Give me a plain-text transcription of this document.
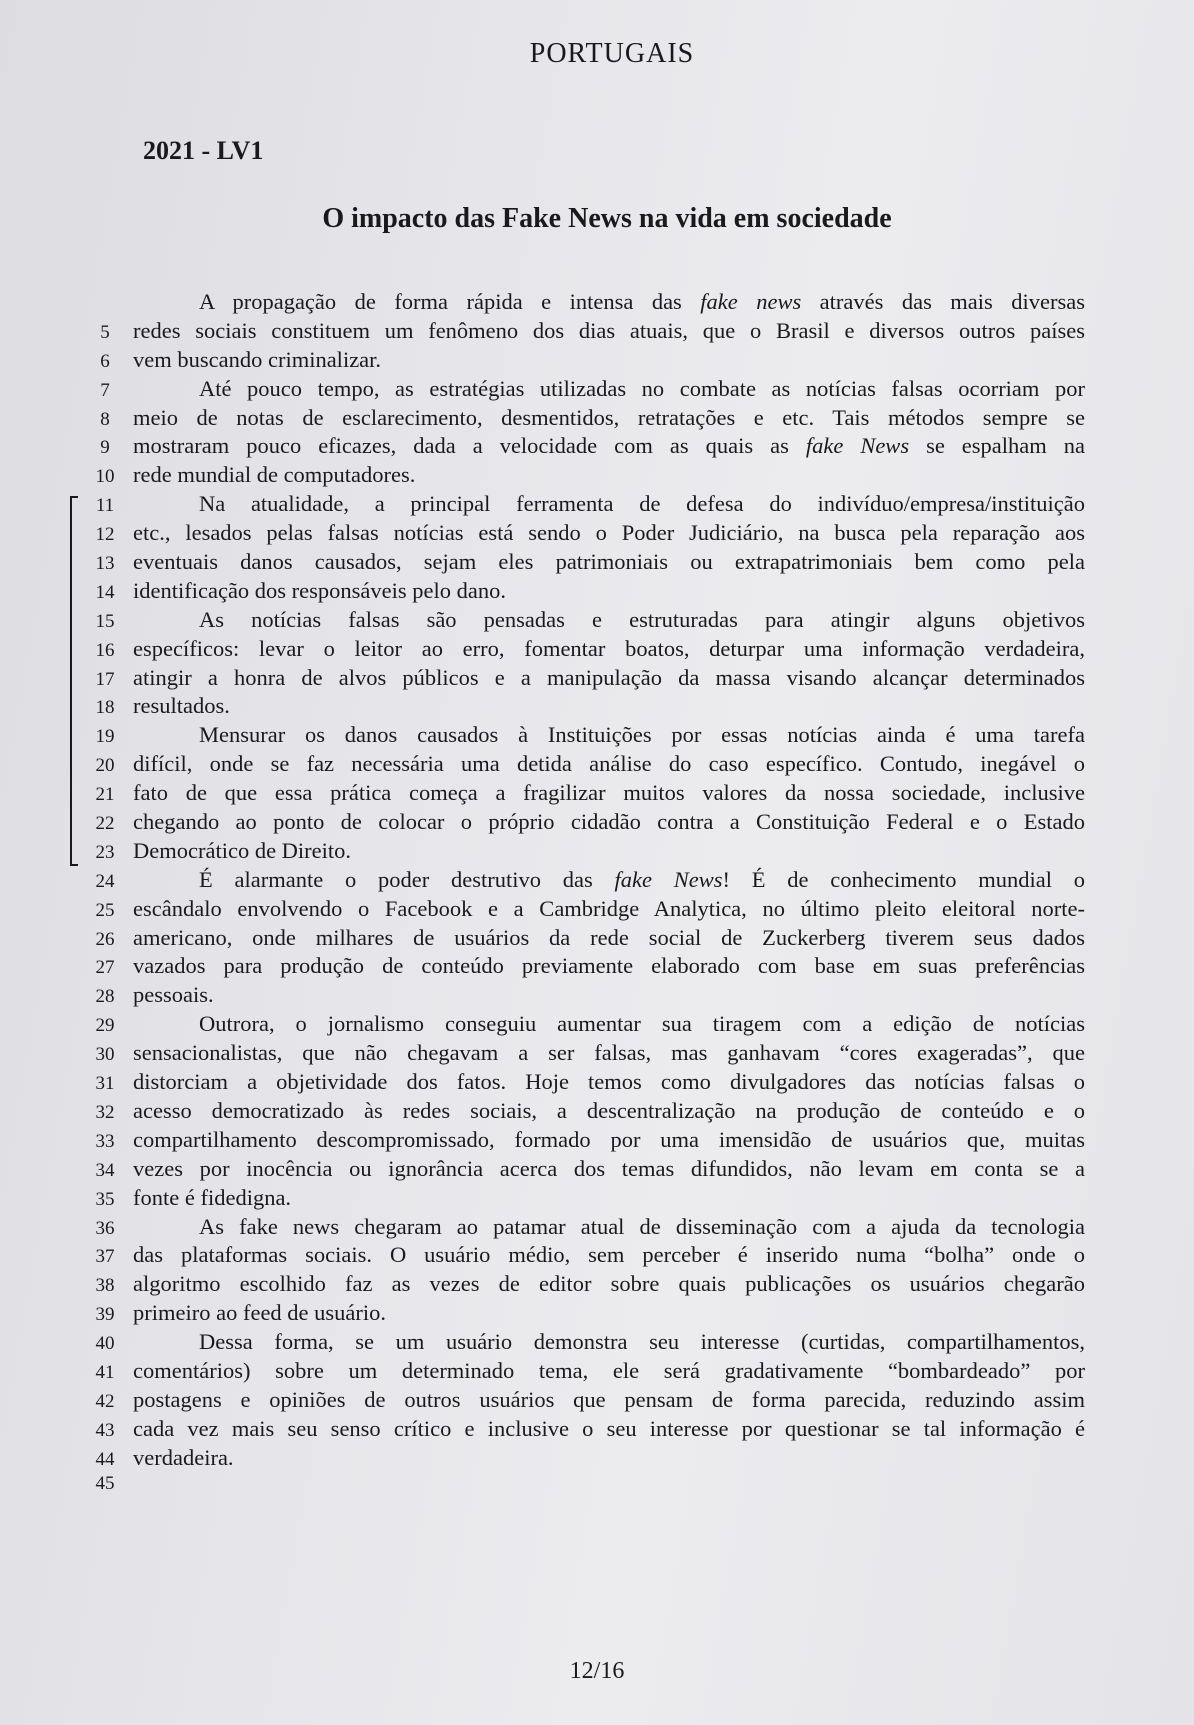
PORTUGAIS
2021 - LV1
O impacto das Fake News na vida em sociedade
A propagação de forma rápida e intensa das fake news através das mais diversas
5	redes sociais constituem um fenômeno dos dias atuais, que o Brasil e diversos outros países
6	vem buscando criminalizar.
7	Até pouco tempo, as estratégias utilizadas no combate as notícias falsas ocorriam por
8	meio de notas de esclarecimento, desmentidos, retratações e etc. Tais métodos sempre se
9	mostraram pouco eficazes, dada a velocidade com as quais as fake News se espalham na
10 rede mundial de computadores.
11	Na atualidade, a principal ferramenta de defesa do indivíduo/empresa/instituição
12 etc., lesados pelas falsas notícias está sendo o Poder Judiciário, na busca pela reparação aos
13 eventuais danos causados, sejam eles patrimoniais ou extrapatrimoniais bem como pela
14 identificação dos responsáveis pelo dano.
15	As notícias falsas são pensadas e estruturadas para atingir alguns objetivos
16 específicos: levar o leitor ao erro, fomentar boatos, deturpar uma informação verdadeira,
17 atingir a honra de alvos públicos e a manipulação da massa visando alcançar determinados
18 resultados.
19	Mensurar os danos causados à Instituições por essas notícias ainda é uma tarefa
20 difícil, onde se faz necessária uma detida análise do caso específico. Contudo, inegável o
21 fato de que essa prática começa a fragilizar muitos valores da nossa sociedade, inclusive
22 chegando ao ponto de colocar o próprio cidadão contra a Constituição Federal e o Estado
23 Democrático de Direito.
24	É alarmante o poder destrutivo das fake News! É de conhecimento mundial o
25 escândalo envolvendo o Facebook e a Cambridge Analytica, no último pleito eleitoral norte-
26 americano, onde milhares de usuários da rede social de Zuckerberg tiverem seus dados
27 vazados para produção de conteúdo previamente elaborado com base em suas preferências
28 pessoais.
29	Outrora, o jornalismo conseguiu aumentar sua tiragem com a edição de notícias
30 sensacionalistas, que não chegavam a ser falsas, mas ganhavam “cores exageradas”, que
31 distorciam a objetividade dos fatos. Hoje temos como divulgadores das notícias falsas o
32 acesso democratizado às redes sociais, a descentralização na produção de conteúdo e o
33 compartilhamento descompromissado, formado por uma imensidão de usuários que, muitas
34 vezes por inocência ou ignorância acerca dos temas difundidos, não levam em conta se a
35 fonte é fidedigna.
36	As fake news chegaram ao patamar atual de disseminação com a ajuda da tecnologia
37 das plataformas sociais. O usuário médio, sem perceber é inserido numa “bolha” onde o
38 algoritmo escolhido faz as vezes de editor sobre quais publicações os usuários chegarão
39 primeiro ao feed de usuário.
40	Dessa forma, se um usuário demonstra seu interesse (curtidas, compartilhamentos,
41 comentários) sobre um determinado tema, ele será gradativamente “bombardeado” por
42 postagens e opiniões de outros usuários que pensam de forma parecida, reduzindo assim
43 cada vez mais seu senso crítico e inclusive o seu interesse por questionar se tal informação é
44 verdadeira.
45
12/16
